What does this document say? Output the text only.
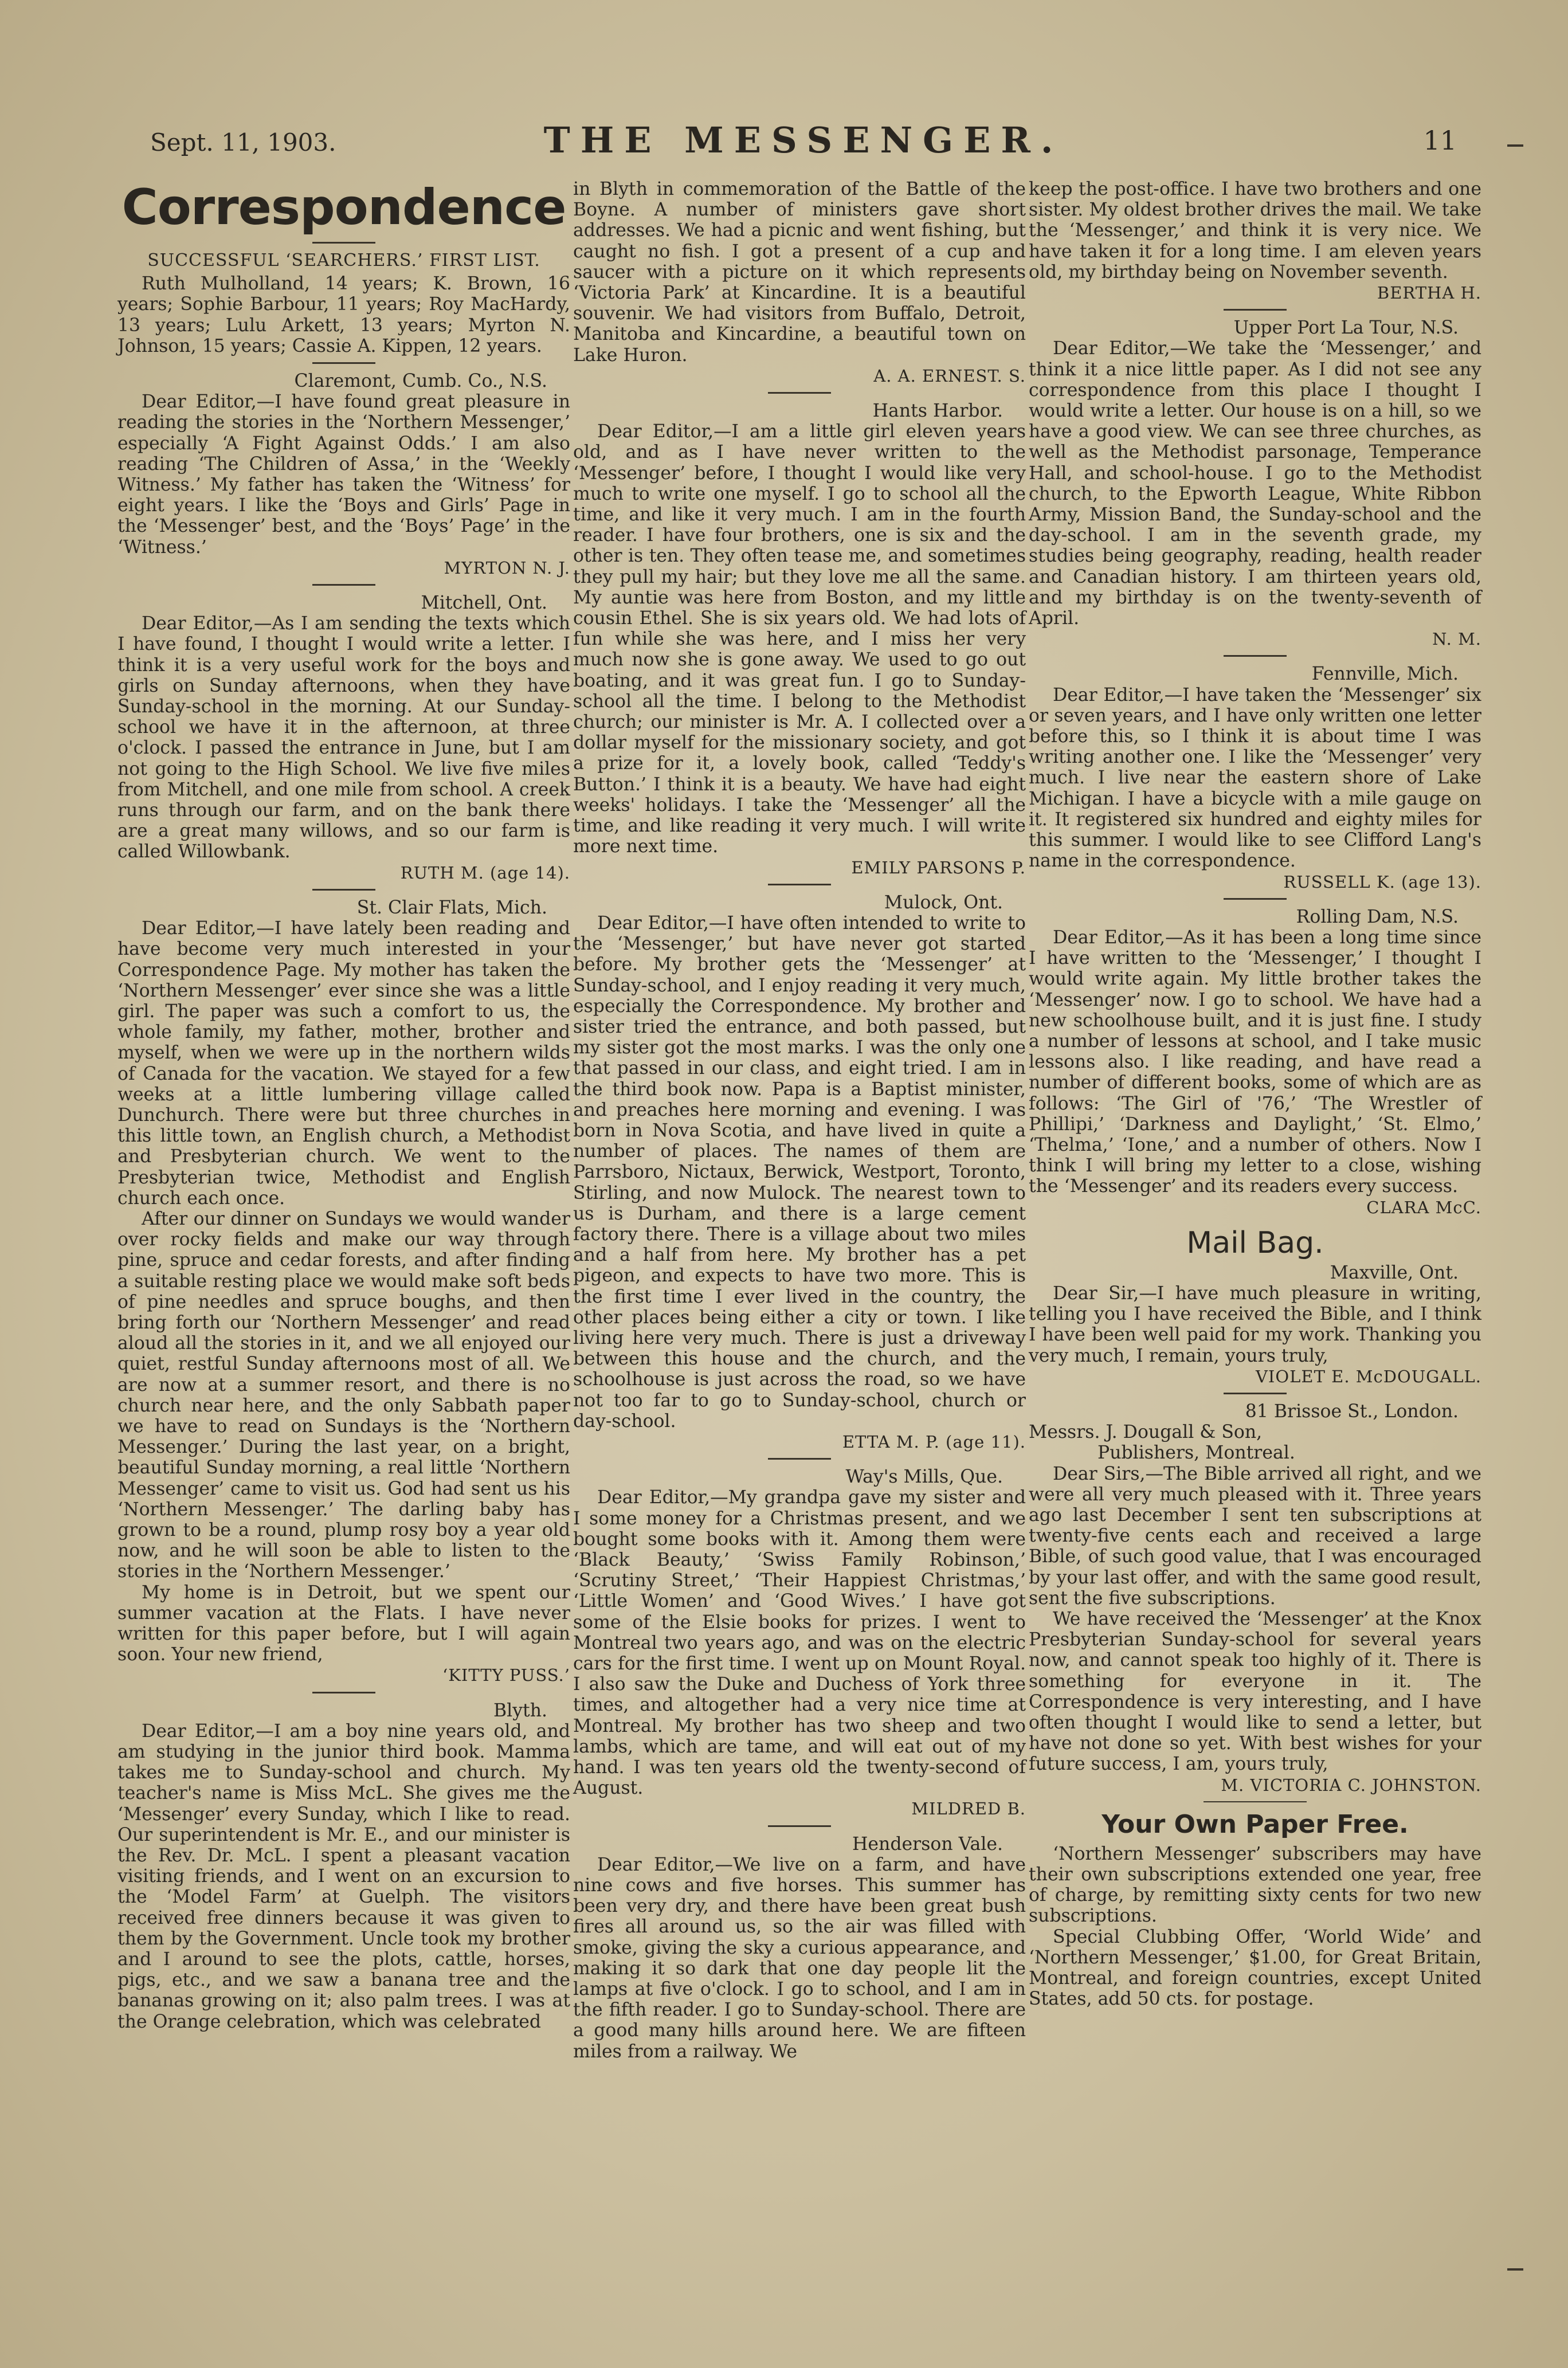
Sept. 11, 1903.	THE MESSENGER.	11
Correspondence
SUCCESSFUL ‘SEARCHERS.’ FIRST LIST.

Ruth Mulholland, 14 years; K. Brown, 16 years; Sophie Barbour, 11 years; Roy MacHardy, 13 years; Lulu Arkett, 13 years; Myrton N. Johnson, 15 years; Cassie A. Kippen, 12 years.

Claremont, Cumb. Co., N.S.

Dear Editor,—I have found great pleasure in reading the stories in the ‘Northern Messenger,’ especially ‘A Fight Against Odds.’ I am also reading ‘The Children of Assa,’ in the ‘Weekly Witness.’ My father has taken the ‘Witness’ for eight years. I like the ‘Boys and Girls’ Page in the ‘Messenger’ best, and the ‘Boys’ Page’ in the ‘Witness.’

MYRTON N. J.
Mitchell, Ont.

Dear Editor,—As I am sending the texts which I have found, I thought I would write a letter. I think it is a very useful work for the boys and girls on Sunday afternoons, when they have Sunday-school in the morning. At our Sunday-school we have it in the afternoon, at three o'clock. I passed the entrance in June, but I am not going to the High School. We live five miles from Mitchell, and one mile from school. A creek runs through our farm, and on the bank there are a great many willows, and so our farm is called Willowbank.

RUTH M. (age 14).
St. Clair Flats, Mich.

Dear Editor,—I have lately been reading and have become very much interested in your Correspondence Page. My mother has taken the ‘Northern Messenger’ ever since she was a little girl. The paper was such a comfort to us, the whole family, my father, mother, brother and myself, when we were up in the northern wilds of Canada for the vacation. We stayed for a few weeks at a little lumbering village called Dunchurch. There were but three churches in this little town, an English church, a Methodist and Presbyterian church. We went to the Presbyterian twice, Methodist and English church each once.

After our dinner on Sundays we would wander over rocky fields and make our way through pine, spruce and cedar forests, and after finding a suitable resting place we would make soft beds of pine needles and spruce boughs, and then bring forth our ‘Northern Messenger’ and read aloud all the stories in it, and we all enjoyed our quiet, restful Sunday afternoons most of all. We are now at a summer resort, and there is no church near here, and the only Sabbath paper we have to read on Sundays is the ‘Northern Messenger.’ During the last year, on a bright, beautiful Sunday morning, a real little ‘Northern Messenger’ came to visit us. God had sent us his ‘Northern Messenger.’ The darling baby has grown to be a round, plump rosy boy a year old now, and he will soon be able to listen to the stories in the ‘Northern Messenger.’

My home is in Detroit, but we spent our summer vacation at the Flats. I have never written for this paper before, but I will again soon. Your new friend,

‘KITTY PUSS.’
Blyth.

Dear Editor,—I am a boy nine years old, and am studying in the junior third book. Mamma takes me to Sunday-school and church. My teacher's name is Miss McL. She gives me the ‘Messenger’ every Sunday, which I like to read. Our superintendent is Mr. E., and our minister is the Rev. Dr. McL. I spent a pleasant vacation visiting friends, and I went on an excursion to the ‘Model Farm’ at Guelph. The visitors received free dinners because it was given to them by the Government. Uncle took my brother and I around to see the plots, cattle, horses, pigs, etc., and we saw a banana tree and the bananas growing on it; also palm trees. I was at the Orange celebration, which was celebrated

in Blyth in commemoration of the Battle of the Boyne. A number of ministers gave short addresses. We had a picnic and went fishing, but caught no fish. I got a present of a cup and saucer with a picture on it which represents ‘Victoria Park’ at Kincardine. It is a beautiful souvenir. We had visitors from Buffalo, Detroit, Manitoba and Kincardine, a beautiful town on Lake Huron.

A. A. ERNEST. S.
Hants Harbor.

Dear Editor,—I am a little girl eleven years old, and as I have never written to the ‘Messenger’ before, I thought I would like very much to write one myself. I go to school all the time, and like it very much. I am in the fourth reader. I have four brothers, one is six and the other is ten. They often tease me, and sometimes they pull my hair; but they love me all the same. My auntie was here from Boston, and my little cousin Ethel. She is six years old. We had lots of fun while she was here, and I miss her very much now she is gone away. We used to go out boating, and it was great fun. I go to Sunday-school all the time. I belong to the Methodist church; our minister is Mr. A. I collected over a dollar myself for the missionary society, and got a prize for it, a lovely book, called ‘Teddy's Button.’ I think it is a beauty. We have had eight weeks' holidays. I take the ‘Messenger’ all the time, and like reading it very much. I will write more next time.

EMILY PARSONS P.
Mulock, Ont.

Dear Editor,—I have often intended to write to the ‘Messenger,’ but have never got started before. My brother gets the ‘Messenger’ at Sunday-school, and I enjoy reading it very much, especially the Correspondence. My brother and sister tried the entrance, and both passed, but my sister got the most marks. I was the only one that passed in our class, and eight tried. I am in the third book now. Papa is a Baptist minister, and preaches here morning and evening. I was born in Nova Scotia, and have lived in quite a number of places. The names of them are Parrsboro, Nictaux, Berwick, Westport, Toronto, Stirling, and now Mulock. The nearest town to us is Durham, and there is a large cement factory there. There is a village about two miles and a half from here. My brother has a pet pigeon, and expects to have two more. This is the first time I ever lived in the country, the other places being either a city or town. I like living here very much. There is just a driveway between this house and the church, and the schoolhouse is just across the road, so we have not too far to go to Sunday-school, church or day-school.

ETTA M. P. (age 11).
Way's Mills, Que.

Dear Editor,—My grandpa gave my sister and I some money for a Christmas present, and we bought some books with it. Among them were ‘Black Beauty,’ ‘Swiss Family Robinson,’ ‘Scrutiny Street,’ ‘Their Happiest Christmas,’ ‘Little Women’ and ‘Good Wives.’ I have got some of the Elsie books for prizes. I went to Montreal two years ago, and was on the electric cars for the first time. I went up on Mount Royal. I also saw the Duke and Duchess of York three times, and altogether had a very nice time at Montreal. My brother has two sheep and two lambs, which are tame, and will eat out of my hand. I was ten years old the twenty-second of August.

MILDRED B.
Henderson Vale.

Dear Editor,—We live on a farm, and have nine cows and five horses. This summer has been very dry, and there have been great bush fires all around us, so the air was filled with smoke, giving the sky a curious appearance, and making it so dark that one day people lit the lamps at five o'clock. I go to school, and I am in the fifth reader. I go to Sunday-school. There are a good many hills around here. We are fifteen miles from a railway. We

keep the post-office. I have two brothers and one sister. My oldest brother drives the mail. We take the ‘Messenger,’ and think it is very nice. We have taken it for a long time. I am eleven years old, my birthday being on November seventh.

BERTHA H.
Upper Port La Tour, N.S.

Dear Editor,—We take the ‘Messenger,’ and think it a nice little paper. As I did not see any correspondence from this place I thought I would write a letter. Our house is on a hill, so we have a good view. We can see three churches, as well as the Methodist parsonage, Temperance Hall, and school-house. I go to the Methodist church, to the Epworth League, White Ribbon Army, Mission Band, the Sunday-school and the day-school. I am in the seventh grade, my studies being geography, reading, health reader and Canadian history. I am thirteen years old, and my birthday is on the twenty-seventh of April.

N. M.
Fennville, Mich.

Dear Editor,—I have taken the ‘Messenger’ six or seven years, and I have only written one letter before this, so I think it is about time I was writing another one. I like the ‘Messenger’ very much. I live near the eastern shore of Lake Michigan. I have a bicycle with a mile gauge on it. It registered six hundred and eighty miles for this summer. I would like to see Clifford Lang's name in the correspondence.

RUSSELL K. (age 13).
Rolling Dam, N.S.

Dear Editor,—As it has been a long time since I have written to the ‘Messenger,’ I thought I would write again. My little brother takes the ‘Messenger’ now. I go to school. We have had a new schoolhouse built, and it is just fine. I study a number of lessons at school, and I take music lessons also. I like reading, and have read a number of different books, some of which are as follows: ‘The Girl of '76,’ ‘The Wrestler of Phillipi,’ ‘Darkness and Daylight,’ ‘St. Elmo,’ ‘Thelma,’ ‘Ione,’ and a number of others. Now I think I will bring my letter to a close, wishing the ‘Messenger’ and its readers every success.

CLARA McC.
Mail Bag.
Maxville, Ont.

Dear Sir,—I have much pleasure in writing, telling you I have received the Bible, and I think I have been well paid for my work. Thanking you very much, I remain, yours truly,

VIOLET E. McDOUGALL.
81 Brissoe St., London.

Messrs. J. Dougall & Son,

Publishers, Montreal.

Dear Sirs,—The Bible arrived all right, and we were all very much pleased with it. Three years ago last December I sent ten subscriptions at twenty-five cents each and received a large Bible, of such good value, that I was encouraged by your last offer, and with the same good result, sent the five subscriptions.

We have received the ‘Messenger’ at the Knox Presbyterian Sunday-school for several years now, and cannot speak too highly of it. There is something for everyone in it. The Correspondence is very interesting, and I have often thought I would like to send a letter, but have not done so yet. With best wishes for your future success, I am, yours truly,

M. VICTORIA C. JOHNSTON.
Your Own Paper Free.

‘Northern Messenger’ subscribers may have their own subscriptions extended one year, free of charge, by remitting sixty cents for two new subscriptions.

Special Clubbing Offer, ‘World Wide’ and ‘Northern Messenger,’ $1.00, for Great Britain, Montreal, and foreign countries, except United States, add 50 cts. for postage.
